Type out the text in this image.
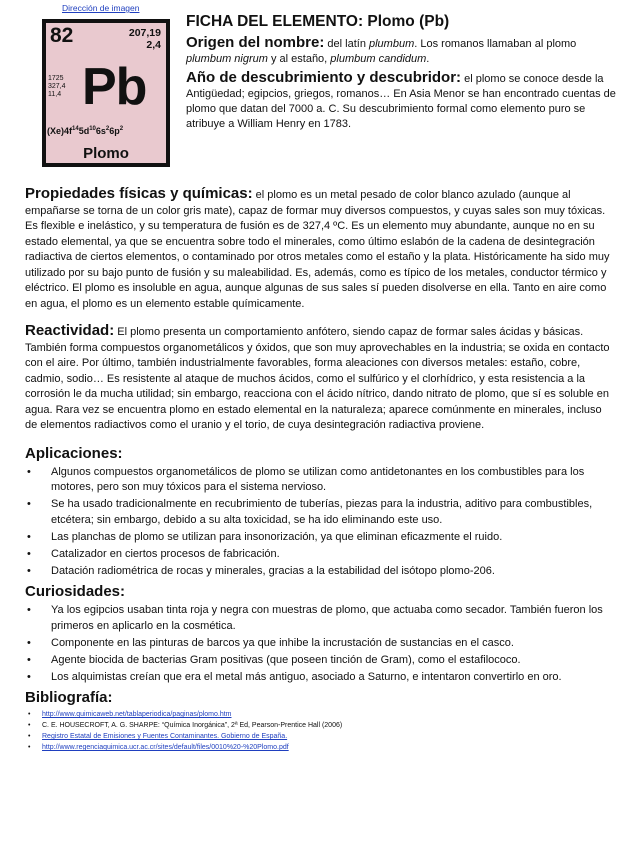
Dirección de imagen
82	207,19
2,4
1725
327,4
11,4 Pb
$(Xe)4f^{14}5d^{10}6s^26p^2$
Plomo
FICHA DEL ELEMENTO: Plomo (Pb)

Origen del nombre: del latín plumbum. Los romanos llamaban al plomo plumbum nigrum y al estaño, plumbum candidum.

Año de descubrimiento y descubridor: el plomo se conoce desde la Antigüedad; egipcios, griegos, romanos… En Asia Menor se han encontrado cuentas de plomo que datan del 7000 a. C. Su descubrimiento formal como elemento puro se atribuye a William Henry en 1783.

Propiedades físicas y químicas: el plomo es un metal pesado de color blanco azulado (aunque al empañarse se torna de un color gris mate), capaz de formar muy diversos compuestos, y cuyas sales son muy tóxicas. Es flexible e inelástico, y su temperatura de fusión es de 327,4 ºC. Es un elemento muy abundante, aunque no en su estado elemental, ya que se encuentra sobre todo el minerales, como último eslabón de la cadena de desintegración radiactiva de ciertos elementos, o contaminado por otros metales como el estaño y la plata. Históricamente ha sido muy utilizado por su bajo punto de fusión y su maleabilidad. Es, además, como es típico de los metales, conductor térmico y eléctrico. El plomo es insoluble en agua, aunque algunas de sus sales sí pueden disolverse en ella. Tanto en aire como en agua, el plomo es un elemento estable químicamente.

Reactividad: El plomo presenta un comportamiento anfótero, siendo capaz de formar sales ácidas y básicas. También forma compuestos organometálicos y óxidos, que son muy aprovechables en la industria; se oxida en contacto con el aire. Por último, también industrialmente favorables, forma aleaciones con diversos metales: estaño, cobre, cadmio, sodio… Es resistente al ataque de muchos ácidos, como el sulfúrico y el clorhídrico, y esta resistencia a la corrosión le da mucha utilidad; sin embargo, reacciona con el ácido nítrico, dando nitrato de plomo, que sí es soluble en agua. Rara vez se encuentra plomo en estado elemental en la naturaleza; aparece comúnmente en minerales, incluso de elementos radiactivos como el uranio y el torio, de cuya desintegración radiactiva proviene.

Aplicaciones:
• Algunos compuestos organometálicos de plomo se utilizan como antidetonantes en los combustibles para los motores, pero son muy tóxicos para el sistema nervioso.
• Se ha usado tradicionalmente en recubrimiento de tuberías, piezas para la industria, aditivo para combustibles, etcétera; sin embargo, debido a su alta toxicidad, se ha ido eliminando este uso.
• Las planchas de plomo se utilizan para insonorización, ya que eliminan eficazmente el ruido.
• Catalizador en ciertos procesos de fabricación.
• Datación radiométrica de rocas y minerales, gracias a la estabilidad del isótopo plomo-206.
Curiosidades:
• Ya los egipcios usaban tinta roja y negra con muestras de plomo, que actuaba como secador. También fueron los primeros en aplicarlo en la cosmética.
• Componente en las pinturas de barcos ya que inhibe la incrustación de sustancias en el casco.
• Agente biocida de bacterias Gram positivas (que poseen tinción de Gram), como el estafilococo.
• Los alquimistas creían que era el metal más antiguo, asociado a Saturno, e intentaron convertirlo en oro.
Bibliografía:
• http://www.quimicaweb.net/tablaperiodica/paginas/plomo.htm
• C. E. HOUSECROFT, A. G. SHARPE: “Química Inorgánica”, 2ª Ed, Pearson-Prentice Hall (2006)
• Registro Estatal de Emisiones y Fuentes Contaminantes. Gobierno de España.
• http://www.regenciaquimica.ucr.ac.cr/sites/default/files/0010%20-%20Plomo.pdf
